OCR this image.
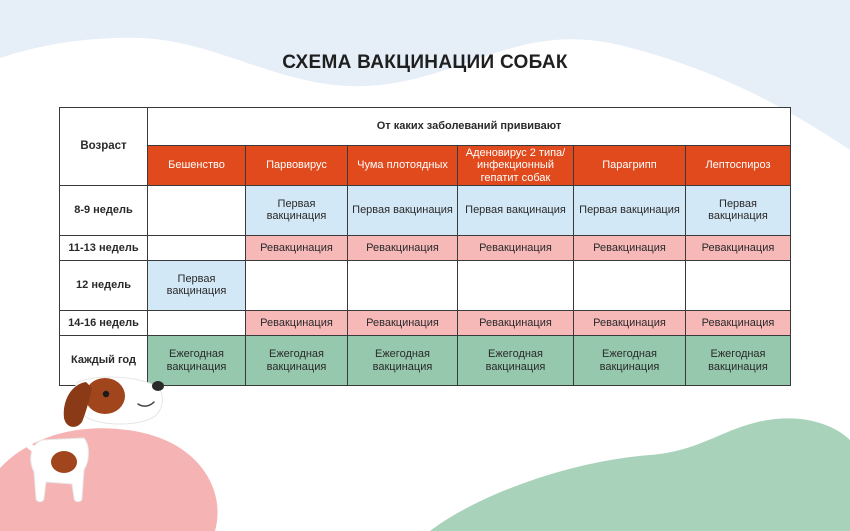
СХЕМА ВАКЦИНАЦИИ СОБАК
Возраст	От каких заболеваний прививают					
	Бешенство	Парвовирус	Чума плотоядных	Аденовирус 2 типа/ инфекционный гепатит собак	Парагрипп	Лептоспироз
8-9 недель		Первая вакцинация	Первая вакцинация	Первая вакцинация	Первая вакцинация	Первая вакцинация
11-13 недель		Ревакцинация	Ревакцинация	Ревакцинация	Ревакцинация	Ревакцинация
12 недель	Первая вакцинация					
14-16 недель		Ревакцинация	Ревакцинация	Ревакцинация	Ревакцинация	Ревакцинация
Каждый год	Ежегодная вакцинация	Ежегодная вакцинация	Ежегодная вакцинация	Ежегодная вакцинация	Ежегодная вакцинация	Ежегодная вакцинация
